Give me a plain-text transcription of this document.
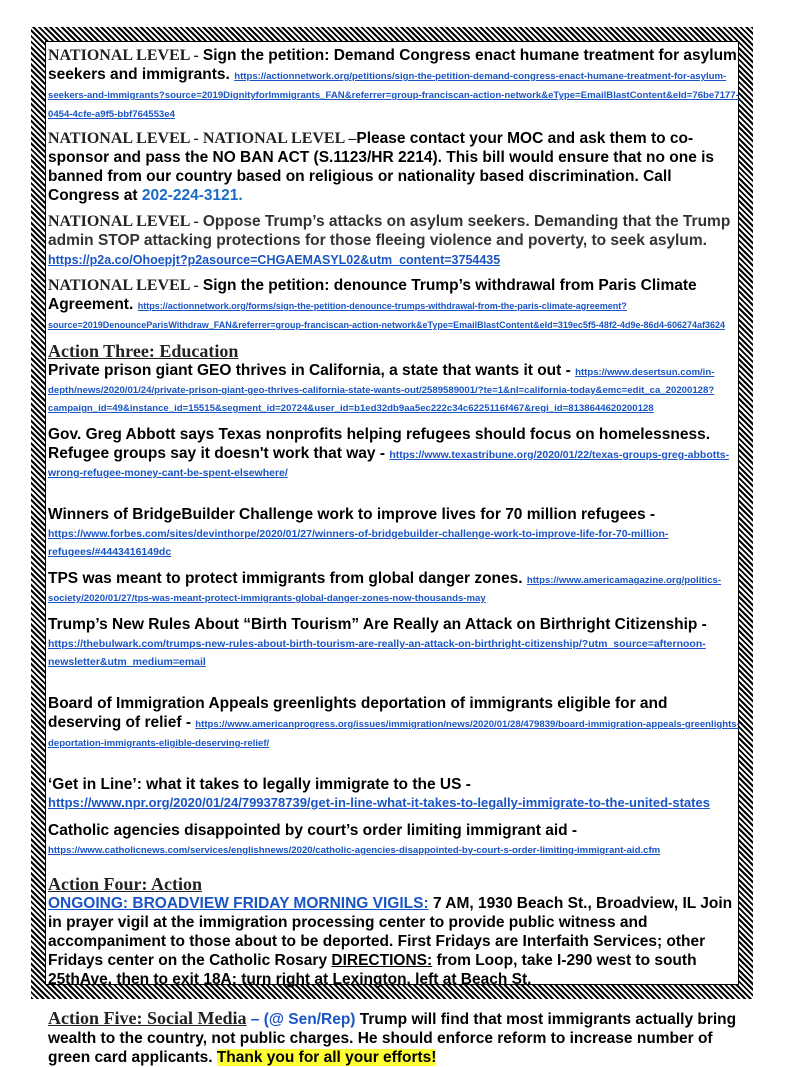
NATIONAL LEVEL - Sign the petition: Demand Congress enact humane treatment for asylum seekers and immigrants. https://actionnetwork.org/petitions/sign-the-petition-demand-congress-enact-humane-treatment-for-asylum-seekers-and-immigrants?source=2019DignityforImmigrants_FAN&referrer=group-franciscan-action-network&eType=EmailBlastContent&eId=76be7177-0454-4cfe-a9f5-bbf764553e4

NATIONAL LEVEL - NATIONAL LEVEL –Please contact your MOC and ask them to co-sponsor and pass the NO BAN ACT (S.1123/HR 2214). This bill would ensure that no one is banned from our country based on religious or nationality based discrimination. Call Congress at 202-224-3121.

NATIONAL LEVEL - Oppose Trump’s attacks on asylum seekers. Demanding that the Trump admin STOP attacking protections for those fleeing violence and poverty, to seek asylum. https://p2a.co/Ohoepjt?p2asource=CHGAEMASYL02&utm_content=3754435

NATIONAL LEVEL - Sign the petition: denounce Trump’s withdrawal from Paris Climate Agreement. https://actionnetwork.org/forms/sign-the-petition-denounce-trumps-withdrawal-from-the-paris-climate-agreement?source=2019DenounceParisWithdraw_FAN&referrer=group-franciscan-action-network&eType=EmailBlastContent&eId=319ec5f5-48f2-4d9e-86d4-606274af3624

Action Three: Education

Private prison giant GEO thrives in California, a state that wants it out - https://www.desertsun.com/in-depth/news/2020/01/24/private-prison-giant-geo-thrives-california-state-wants-out/2589589001/?te=1&nl=california-today&emc=edit_ca_20200128?campaign_id=49&instance_id=15515&segment_id=20724&user_id=b1ed32db9aa5ec222c34c6225116f467&regi_id=8138644620200128

Gov. Greg Abbott says Texas nonprofits helping refugees should focus on homelessness. Refugee groups say it doesn't work that way - https://www.texastribune.org/2020/01/22/texas-groups-greg-abbotts-wrong-refugee-money-cant-be-spent-elsewhere/

Winners of BridgeBuilder Challenge work to improve lives for 70 million refugees - https://www.forbes.com/sites/devinthorpe/2020/01/27/winners-of-bridgebuilder-challenge-work-to-improve-life-for-70-million-refugees/#4443416149dc

TPS was meant to protect immigrants from global danger zones. https://www.americamagazine.org/politics-society/2020/01/27/tps-was-meant-protect-immigrants-global-danger-zones-now-thousands-may

Trump’s New Rules About “Birth Tourism” Are Really an Attack on Birthright Citizenship - https://thebulwark.com/trumps-new-rules-about-birth-tourism-are-really-an-attack-on-birthright-citizenship/?utm_source=afternoon-newsletter&utm_medium=email

Board of Immigration Appeals greenlights deportation of immigrants eligible for and deserving of relief - https://www.americanprogress.org/issues/immigration/news/2020/01/28/479839/board-immigration-appeals-greenlights-deportation-immigrants-eligible-deserving-relief/

‘Get in Line’: what it takes to legally immigrate to the US - https://www.npr.org/2020/01/24/799378739/get-in-line-what-it-takes-to-legally-immigrate-to-the-united-states

Catholic agencies disappointed by court’s order limiting immigrant aid - https://www.catholicnews.com/services/englishnews/2020/catholic-agencies-disappointed-by-court-s-order-limiting-immigrant-aid.cfm

Action Four: Action

ONGOING: BROADVIEW FRIDAY MORNING VIGILS: 7 AM, 1930 Beach St., Broadview, IL Join in prayer vigil at the immigration processing center to provide public witness and accompaniment to those about to be deported. First Fridays are Interfaith Services; other Fridays center on the Catholic Rosary DIRECTIONS: from Loop, take I-290 west to south 25thAve, then to exit 18A; turn right at Lexington, left at Beach St.

Action Five: Social Media – (@ Sen/Rep) Trump will find that most immigrants actually bring wealth to the country, not public charges. He should enforce reform to increase number of green card applicants. Thank you for all your efforts!
